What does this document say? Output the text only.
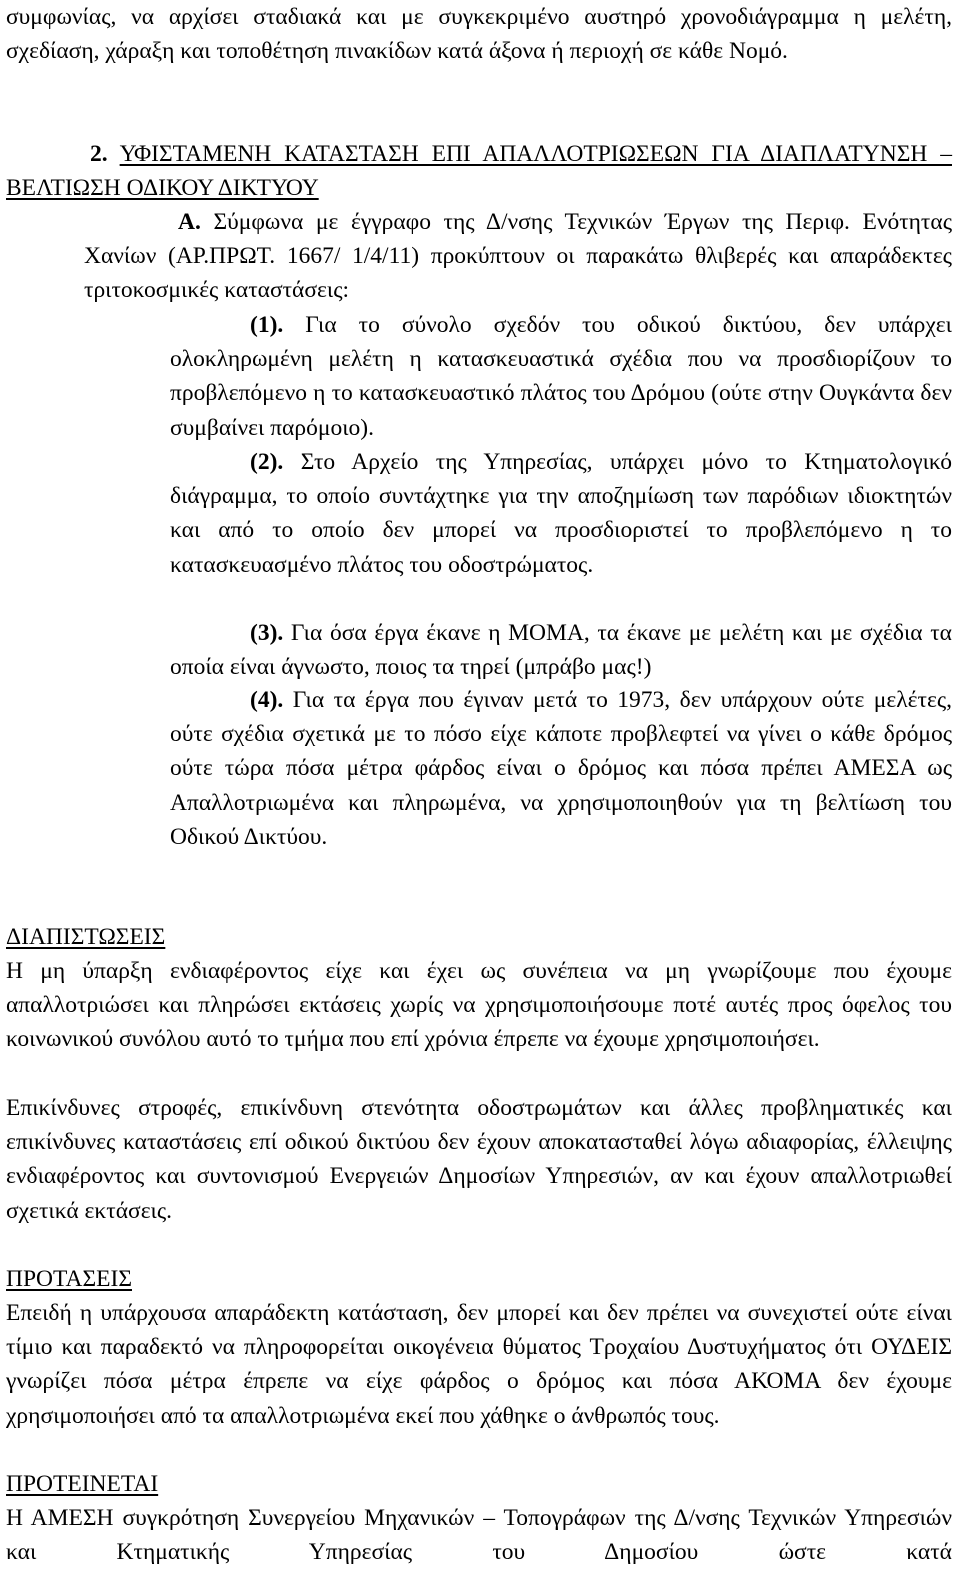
συμφωνίας, να αρχίσει σταδιακά και με συγκεκριμένο αυστηρό χρονοδιάγραμμα η μελέτη, σχεδίαση, χάραξη και τοποθέτηση πινακίδων κατά άξονα ή περιοχή σε κάθε Νομό.

2. ΥΦΙΣΤΑΜΕΝΗ ΚΑΤΑΣΤΑΣΗ ΕΠΙ ΑΠΑΛΛΟΤΡΙΩΣΕΩΝ ΓΙΑ ΔΙΑΠΛΑΤΥΝΣΗ – ΒΕΛΤΙΩΣΗ ΟΔΙΚΟΥ ΔΙΚΤΥΟΥ

Α. Σύμφωνα με έγγραφο της Δ/νσης Τεχνικών Έργων της Περιφ. Ενότητας Χανίων (ΑΡ.ΠΡΩΤ. 1667/ 1/4/11) προκύπτουν οι παρακάτω θλιβερές και απαράδεκτες τριτοκοσμικές καταστάσεις:

(1). Για το σύνολο σχεδόν του οδικού δικτύου, δεν υπάρχει ολοκληρωμένη μελέτη η κατασκευαστικά σχέδια που να προσδιορίζουν το προβλεπόμενο η το κατασκευαστικό πλάτος του Δρόμου (ούτε στην Ουγκάντα δεν συμβαίνει παρόμοιο).

(2). Στο Αρχείο της Υπηρεσίας, υπάρχει μόνο το Κτηματολογικό διάγραμμα, το οποίο συντάχτηκε για την αποζημίωση των παρόδιων ιδιοκτητών και από το οποίο δεν μπορεί να προσδιοριστεί το προβλεπόμενο η το κατασκευασμένο πλάτος του οδοστρώματος.

(3). Για όσα έργα έκανε η ΜΟΜΑ, τα έκανε με μελέτη και με σχέδια τα οποία είναι άγνωστο, ποιος τα τηρεί (μπράβο μας!)

(4). Για τα έργα που έγιναν μετά το 1973, δεν υπάρχουν ούτε μελέτες, ούτε σχέδια σχετικά με το πόσο είχε κάποτε προβλεφτεί να γίνει ο κάθε δρόμος ούτε τώρα πόσα μέτρα φάρδος είναι ο δρόμος και πόσα πρέπει ΑΜΕΣΑ ως Απαλλοτριωμένα και πληρωμένα, να χρησιμοποιηθούν για τη βελτίωση του Οδικού Δικτύου.

ΔΙΑΠΙΣΤΩΣΕΙΣ

Η μη ύπαρξη ενδιαφέροντος είχε και έχει ως συνέπεια να μη γνωρίζουμε που έχουμε απαλλοτριώσει και πληρώσει εκτάσεις χωρίς να χρησιμοποιήσουμε ποτέ αυτές προς όφελος του κοινωνικού συνόλου αυτό το τμήμα που επί χρόνια έπρεπε να έχουμε χρησιμοποιήσει.

Επικίνδυνες στροφές, επικίνδυνη στενότητα οδοστρωμάτων και άλλες προβληματικές και επικίνδυνες καταστάσεις επί οδικού δικτύου δεν έχουν αποκατασταθεί λόγω αδιαφορίας, έλλειψης ενδιαφέροντος και συντονισμού Ενεργειών Δημοσίων Υπηρεσιών, αν και έχουν απαλλοτριωθεί σχετικά εκτάσεις.

ΠΡΟΤΑΣΕΙΣ

Επειδή η υπάρχουσα απαράδεκτη κατάσταση, δεν μπορεί και δεν πρέπει να συνεχιστεί ούτε είναι τίμιο και παραδεκτό να πληροφορείται οικογένεια θύματος Τροχαίου Δυστυχήματος ότι ΟΥΔΕΙΣ γνωρίζει πόσα μέτρα έπρεπε να είχε φάρδος ο δρόμος και πόσα ΑΚΟΜΑ δεν έχουμε χρησιμοποιήσει από τα απαλλοτριωμένα εκεί που χάθηκε ο άνθρωπός τους.

ΠΡΟΤΕΙΝΕΤΑΙ

Η ΑΜΕΣΗ συγκρότηση Συνεργείου Μηχανικών – Τοπογράφων της Δ/νσης Τεχνικών Υπηρεσιών και Κτηματικής Υπηρεσίας του Δημοσίου ώστε κατά
